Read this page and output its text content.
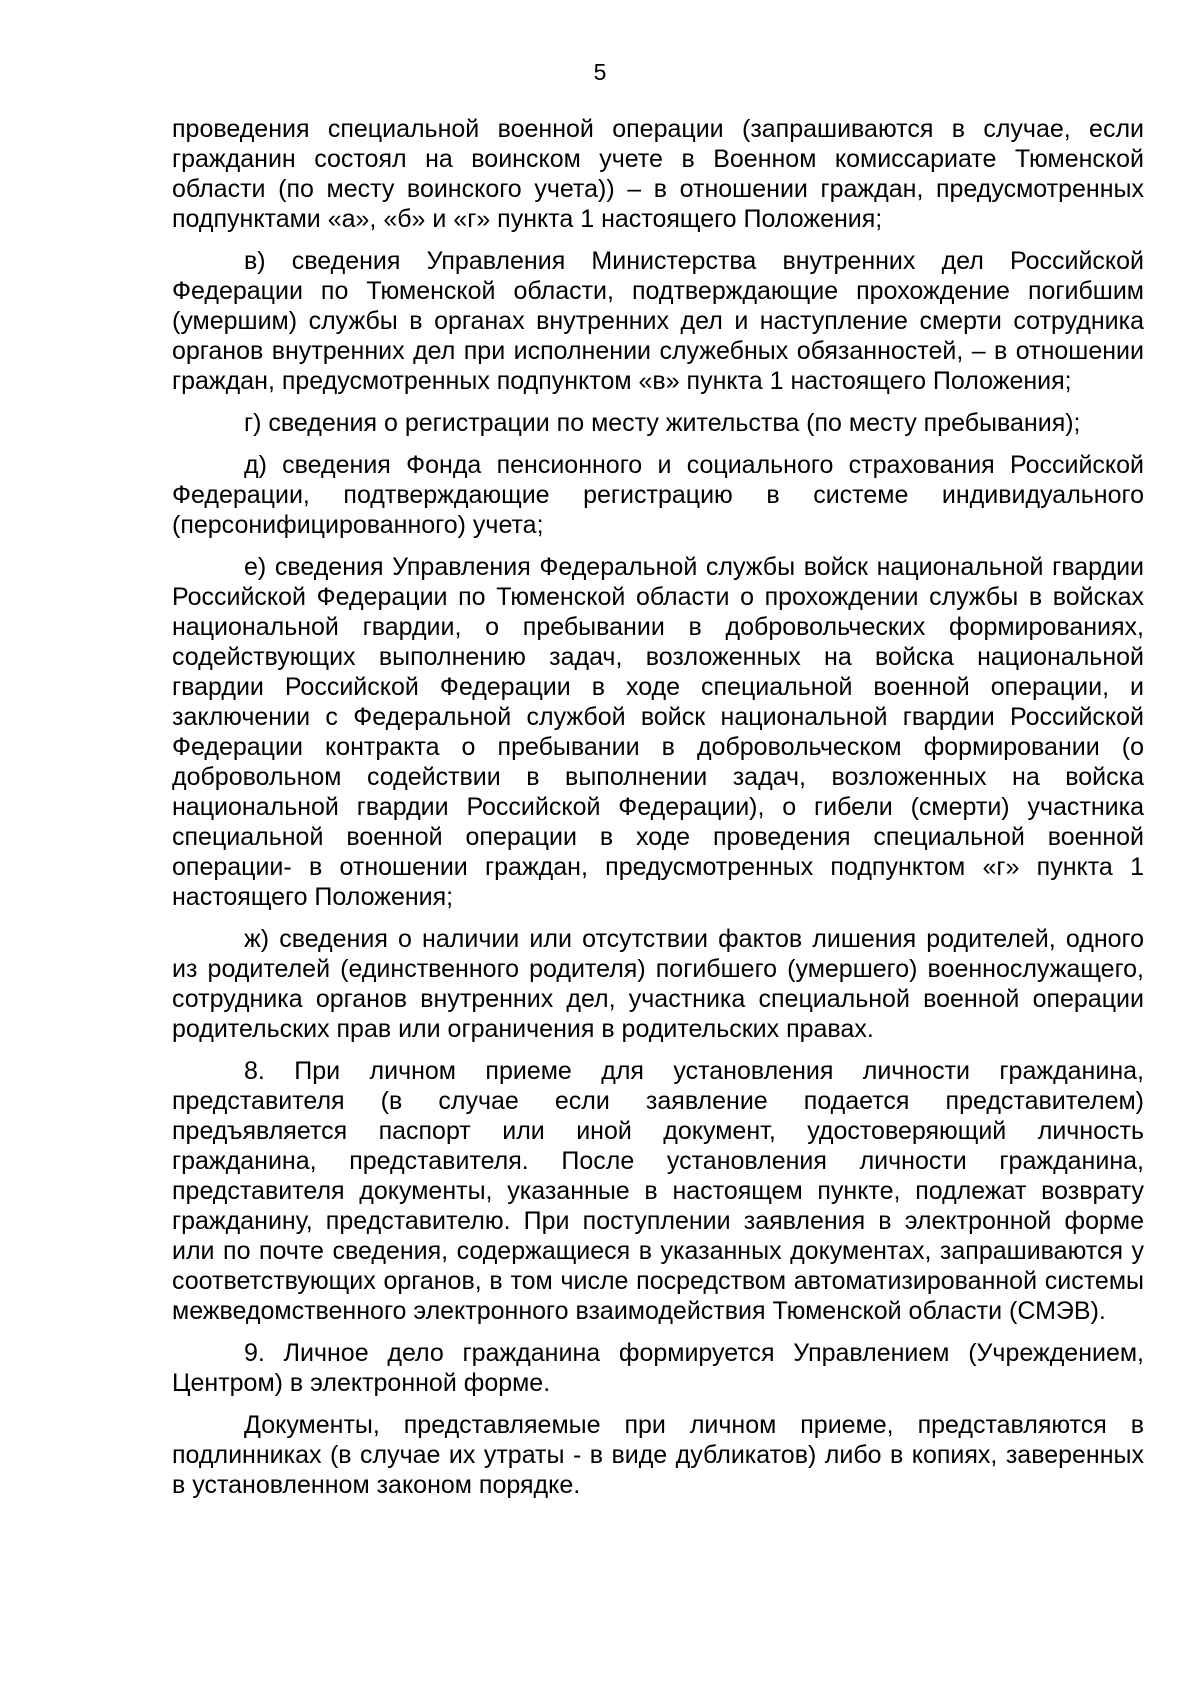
5

проведения специальной военной операции (запрашиваются в случае, если гражданин состоял на воинском учете в Военном комиссариате Тюменской области (по месту воинского учета)) – в отношении граждан, предусмотренных подпунктами «а», «б» и «г» пункта 1 настоящего Положения;

в) сведения Управления Министерства внутренних дел Российской Федерации по Тюменской области, подтверждающие прохождение погибшим (умершим) службы в органах внутренних дел и наступление смерти сотрудника органов внутренних дел при исполнении служебных обязанностей, – в отношении граждан, предусмотренных подпунктом «в» пункта 1 настоящего Положения;

г) сведения о регистрации по месту жительства (по месту пребывания);

д) сведения Фонда пенсионного и социального страхования Российской Федерации, подтверждающие регистрацию в системе индивидуального (персонифицированного) учета;

е) сведения Управления Федеральной службы войск национальной гвардии Российской Федерации по Тюменской области о прохождении службы в войсках национальной гвардии, о пребывании в добровольческих формированиях, содействующих выполнению задач, возложенных на войска национальной гвардии Российской Федерации в ходе специальной военной операции, и заключении с Федеральной службой войск национальной гвардии Российской Федерации контракта о пребывании в добровольческом формировании (о добровольном содействии в выполнении задач, возложенных на войска национальной гвардии Российской Федерации), о гибели (смерти) участника специальной военной операции в ходе проведения специальной военной операции- в отношении граждан, предусмотренных подпунктом «г» пункта 1 настоящего Положения;

ж) сведения о наличии или отсутствии фактов лишения родителей, одного из родителей (единственного родителя) погибшего (умершего) военнослужащего, сотрудника органов внутренних дел, участника специальной военной операции родительских прав или ограничения в родительских правах.

8. При личном приеме для установления личности гражданина, представителя (в случае если заявление подается представителем) предъявляется паспорт или иной документ, удостоверяющий личность гражданина, представителя. После установления личности гражданина, представителя документы, указанные в настоящем пункте, подлежат возврату гражданину, представителю. При поступлении заявления в электронной форме или по почте сведения, содержащиеся в указанных документах, запрашиваются у соответствующих органов, в том числе посредством автоматизированной системы межведомственного электронного взаимодействия Тюменской области (СМЭВ).

9. Личное дело гражданина формируется Управлением (Учреждением, Центром) в электронной форме.

Документы, представляемые при личном приеме, представляются в подлинниках (в случае их утраты - в виде дубликатов) либо в копиях, заверенных в установленном законом порядке.
